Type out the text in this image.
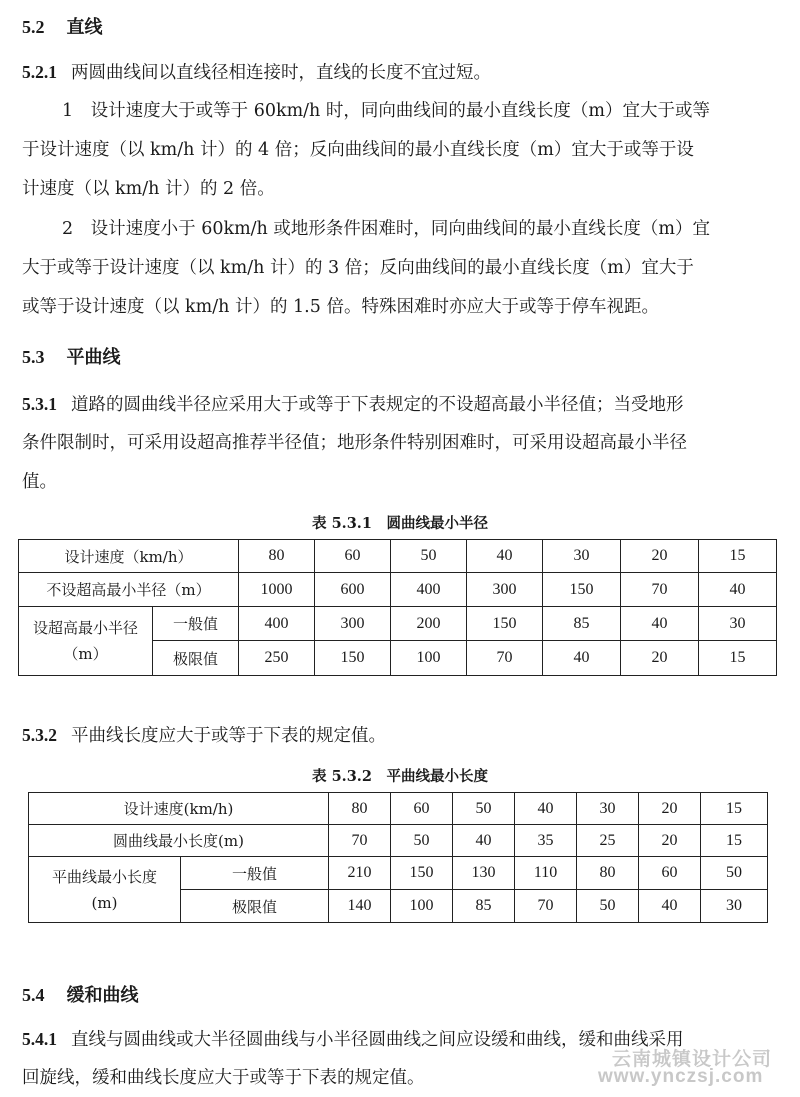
5.2 直线
5.2.1 两圆曲线间以直线径相连接时，直线的长度不宜过短。
1　设计速度大于或等于 60km/h 时，同向曲线间的最小直线长度（m）宜大于或等
于设计速度（以 km/h 计）的 4 倍；反向曲线间的最小直线长度（m）宜大于或等于设
计速度（以 km/h 计）的 2 倍。
2　设计速度小于 60km/h 或地形条件困难时，同向曲线间的最小直线长度（m）宜
大于或等于设计速度（以 km/h 计）的 3 倍；反向曲线间的最小直线长度（m）宜大于
或等于设计速度（以 km/h 计）的 1.5 倍。特殊困难时亦应大于或等于停车视距。
5.3 平曲线
5.3.1 道路的圆曲线半径应采用大于或等于下表规定的不设超高最小半径值；当受地形
条件限制时，可采用设超高推荐半径值；地形条件特别困难时，可采用设超高最小半径
值。
表 5.3.1　圆曲线最小半径
设计速度（km/h）		80	60	50	40	30	20	15
不设超高最小半径（m）		1000	600	400	300	150	70	40
设超高最小半径（m）	一般值	400	300	200	150	85	40	30
	极限值	250	150	100	70	40	20	15
5.3.2 平曲线长度应大于或等于下表的规定值。
表 5.3.2　平曲线最小长度
设计速度(km/h)		80	60	50	40	30	20	15
圆曲线最小长度(m)		70	50	40	35	25	20	15
平曲线最小长度(m)	一般值	210	150	130	110	80	60	50
	极限值	140	100	85	70	50	40	30
5.4 缓和曲线
5.4.1 直线与圆曲线或大半径圆曲线与小半径圆曲线之间应设缓和曲线，缓和曲线采用
回旋线，缓和曲线长度应大于或等于下表的规定值。
云南城镇设计公司
www.ynczsj.com
